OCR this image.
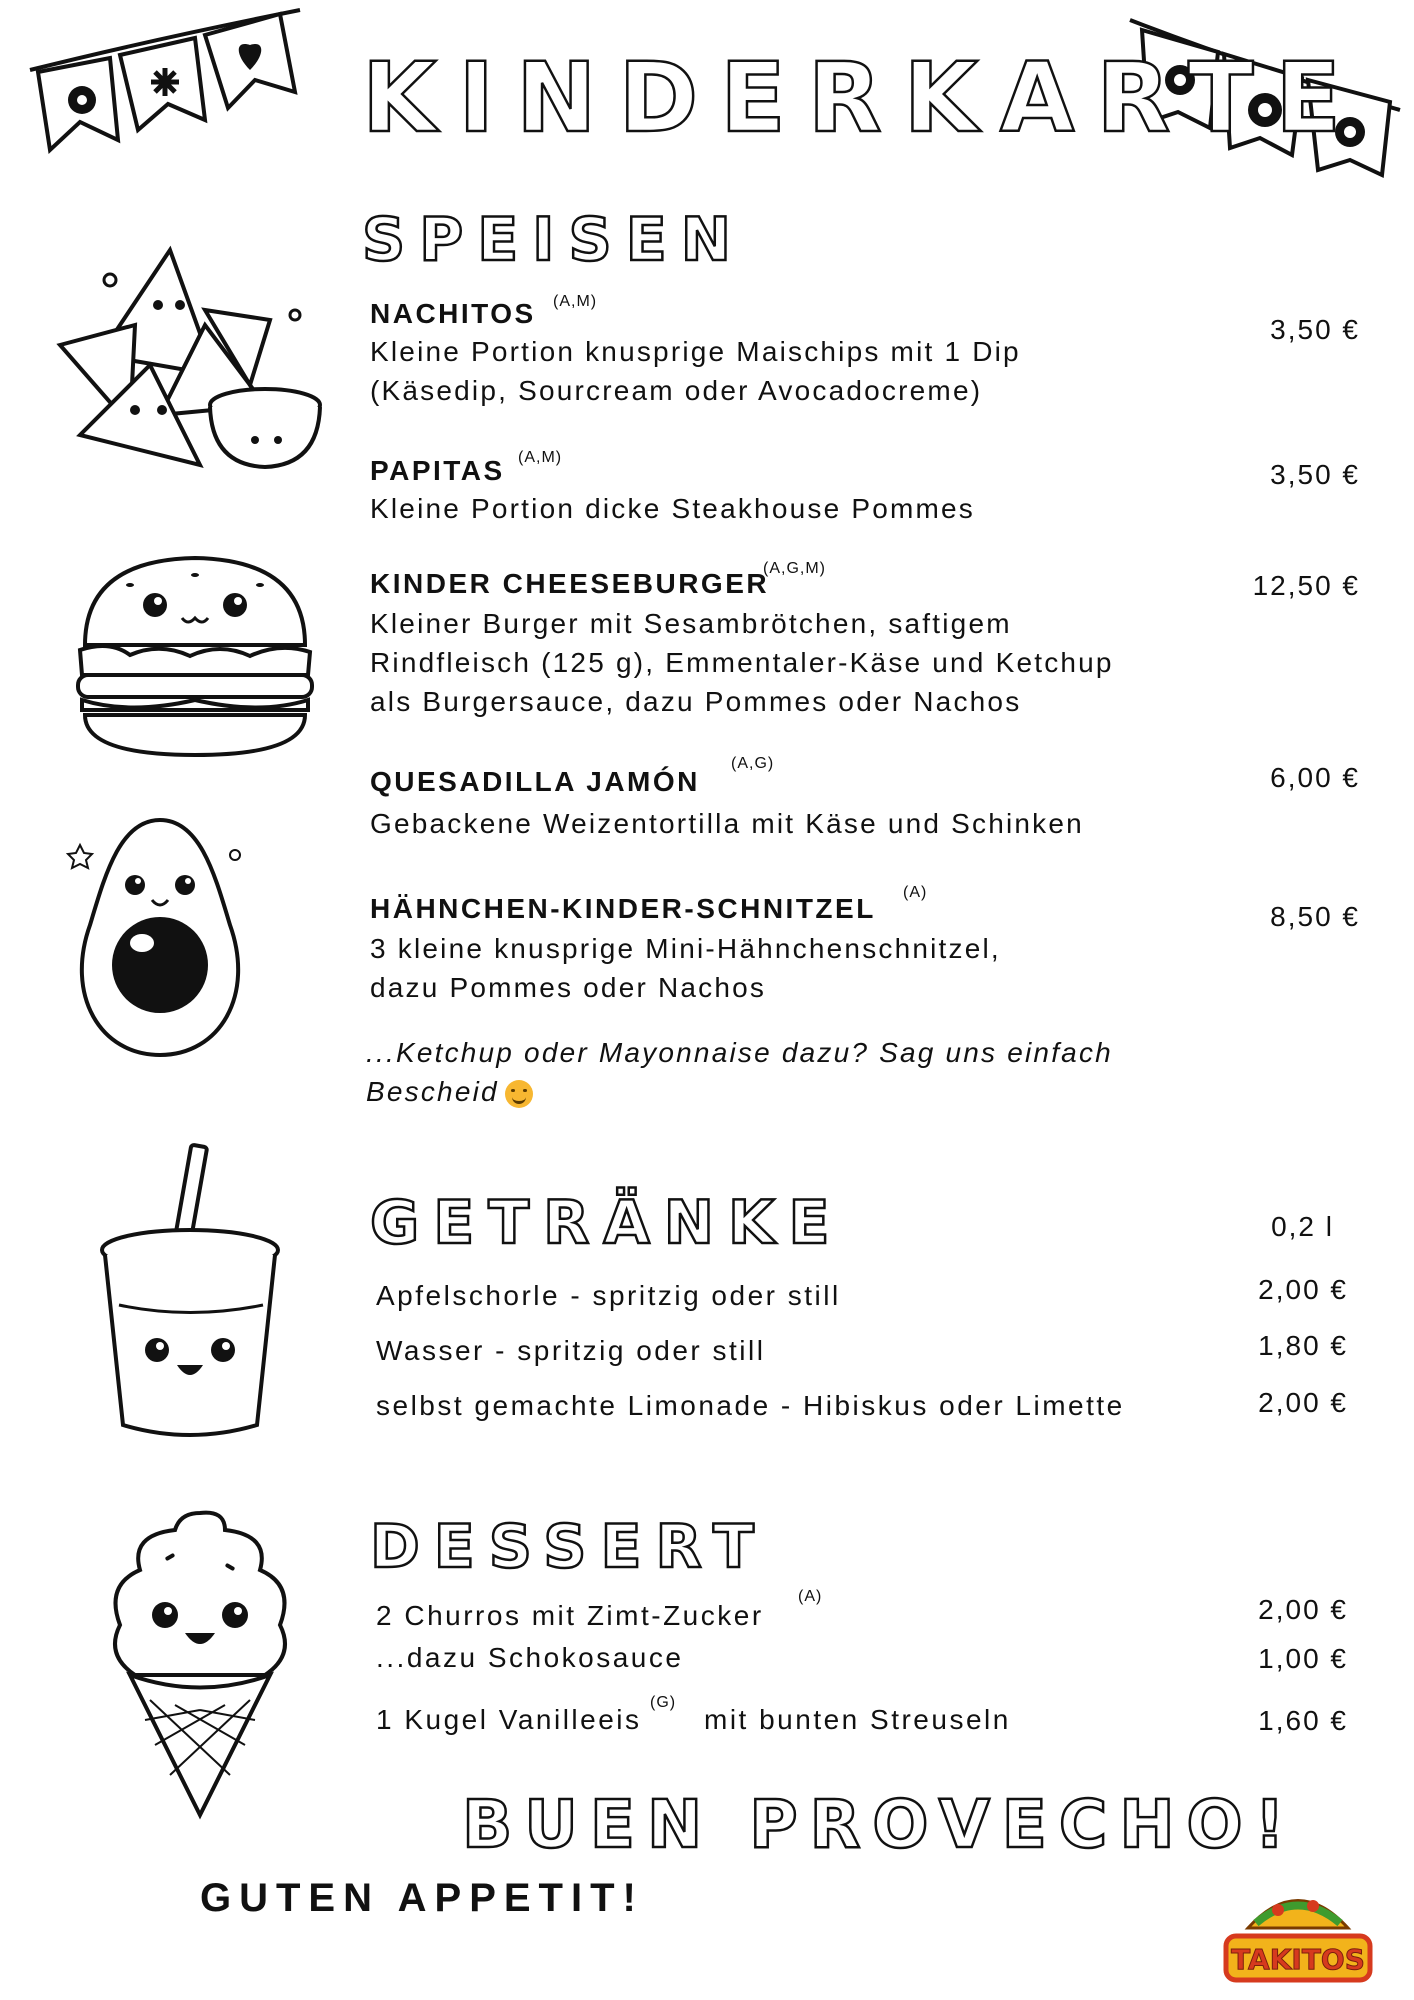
KINDERKARTE
SPEISEN
NACHITOS (A,M)
3,50 €
Kleine Portion knusprige Maischips mit 1 Dip
(Käsedip, Sourcream oder Avocadocreme)
PAPITAS (A,M)
3,50 €
Kleine Portion dicke Steakhouse Pommes
KINDER CHEESEBURGER
(A,G,M)
12,50 €
Kleiner Burger mit Sesambrötchen, saftigem
Rindfleisch (125 g), Emmentaler-Käse und Ketchup
als Burgersauce, dazu Pommes oder Nachos
QUESADILLA JAMÓN
(A,G)	6,00 €
Gebackene Weizentortilla mit Käse und Schinken
HÄHNCHEN-KINDER-SCHNITZEL
(A)
8,50 €
3 kleine knusprige Mini-Hähnchenschnitzel,
dazu Pommes oder Nachos
...Ketchup oder Mayonnaise dazu? Sag uns einfach
Bescheid
GETRÄNKE	0,2 l
Apfelschorle - spritzig oder still	2,00 €
Wasser - spritzig oder still	1,80 €
selbst gemachte Limonade - Hibiskus oder Limette	2,00 €
DESSERT
2 Churros mit Zimt-Zucker
(A)	2,00 €
...dazu Schokosauce	1,00 €
1 Kugel Vanilleeis
(G)
mit bunten Streuseln	1,60 €
BUEN PROVECHO!
GUTEN APPETIT!
TAKITOS
